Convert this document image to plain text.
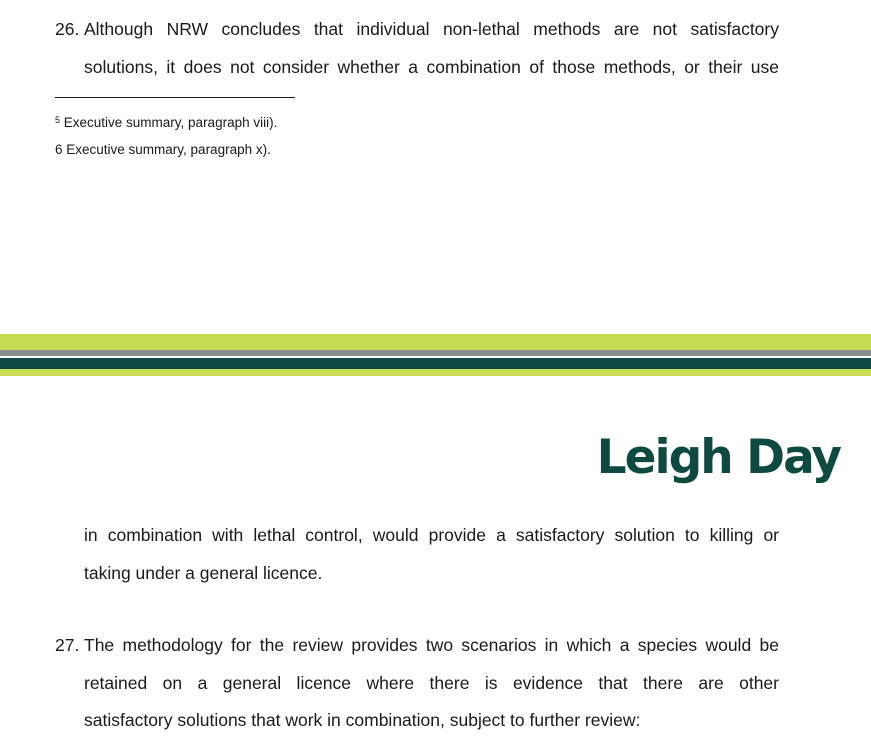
26. Although NRW concludes that individual non-lethal methods are not satisfactory
solutions, it does not consider whether a combination of those methods, or their use
$^5$ Executive summary, paragraph viii).
6 Executive summary, paragraph x).
Leigh Day
in combination with lethal control, would provide a satisfactory solution to killing or
taking under a general licence.
27. The methodology for the review provides two scenarios in which a species would be
retained on a general licence where there is evidence that there are other
satisfactory solutions that work in combination, subject to further review:
